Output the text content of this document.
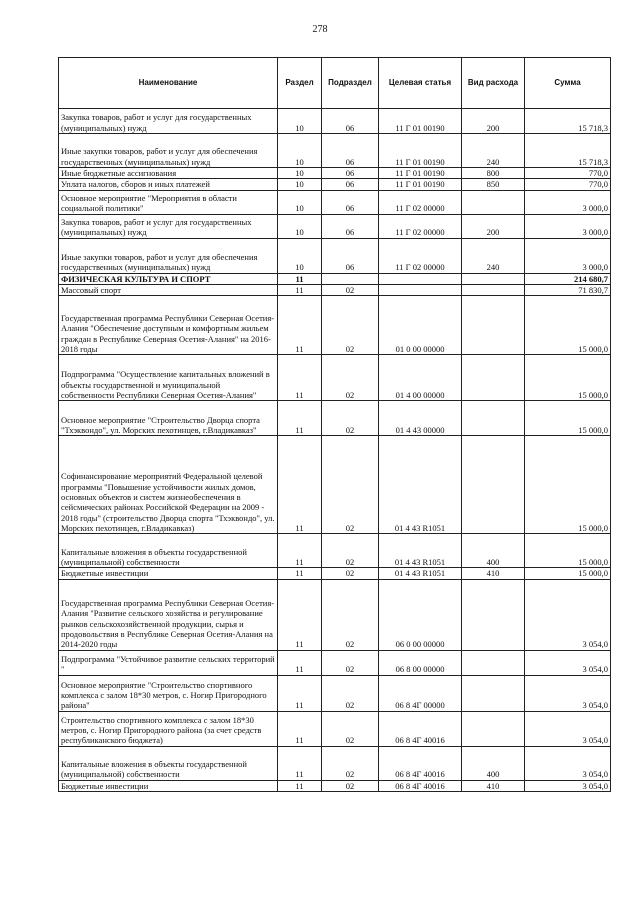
278
Наименование	Раздел	Подраздел	Целевая статья	Вид расхода	Сумма
Закупка товаров, работ и услуг для государственных (муниципальных) нужд	10	06	11 Г 01 00190	200	15 718,3
Иные закупки товаров, работ и услуг для обеспечения государственных (муниципальных) нужд	10	06	11 Г 01 00190	240	15 718,3
Иные бюджетные ассигнования	10	06	11 Г 01 00190	800	770,0
Уплата налогов, сборов и иных платежей	10	06	11 Г 01 00190	850	770,0
Основное мероприятие "Мероприятия в области социальной политики"	10	06	11 Г 02 00000		3 000,0
Закупка товаров, работ и услуг для государственных (муниципальных) нужд	10	06	11 Г 02 00000	200	3 000,0
Иные закупки товаров, работ и услуг для обеспечения государственных (муниципальных) нужд	10	06	11 Г 02 00000	240	3 000,0
ФИЗИЧЕСКАЯ КУЛЬТУРА И СПОРТ	11				214 680,7
Массовый спорт	11	02			71 830,7
Государственная программа Республики Северная Осетия-Алания "Обеспечение доступным и комфортным жильем граждан в Республике Северная Осетия-Алания" на 2016-2018 годы	11	02	01 0 00 00000		15 000,0
Подпрограмма "Осуществление капитальных вложений в объекты государственной и муниципальной собственности Республики Северная Осетия-Алания"	11	02	01 4 00 00000		15 000,0
Основное мероприятие "Строительство Дворца спорта "Тхэквондо", ул. Морских пехотинцев, г.Владикавказ"	11	02	01 4 43 00000		15 000,0
Софинансирование мероприятий Федеральной целевой программы "Повышение устойчивости жилых домов, основных объектов и систем жизнеобеспечения в сейсмических районах Российской Федерации на 2009 - 2018 годы" (строительство Дворца спорта "Тхэквондо", ул. Морских пехотинцев, г.Владикавказ)	11	02	01 4 43 R1051		15 000,0
Капитальные вложения в объекты государственной (муниципальной) собственности	11	02	01 4 43 R1051	400	15 000,0
Бюджетные инвестиции	11	02	01 4 43 R1051	410	15 000,0
Государственная программа Республики Северная Осетия-Алания "Развитие сельского хозяйства и регулирование рынков сельскохозяйственной продукции, сырья и продовольствия в Республике Северная Осетия-Алания на 2014-2020 годы	11	02	06 0 00 00000		3 054,0
Подпрограмма "Устойчивое развитие сельских территорий "	11	02	06 8 00 00000		3 054,0
Основное мероприятие "Строительство спортивного комплекса с залом 18*30 метров, с. Ногир Пригородного района"	11	02	06 8 4Г 00000		3 054,0
Строительство спортивного комплекса с залом 18*30 метров, с. Ногир Пригородного района (за счет средств республиканского бюджета)	11	02	06 8 4Г 40016		3 054,0
Капитальные вложения в объекты государственной (муниципальной) собственности	11	02	06 8 4Г 40016	400	3 054,0
Бюджетные инвестиции	11	02	06 8 4Г 40016	410	3 054,0
